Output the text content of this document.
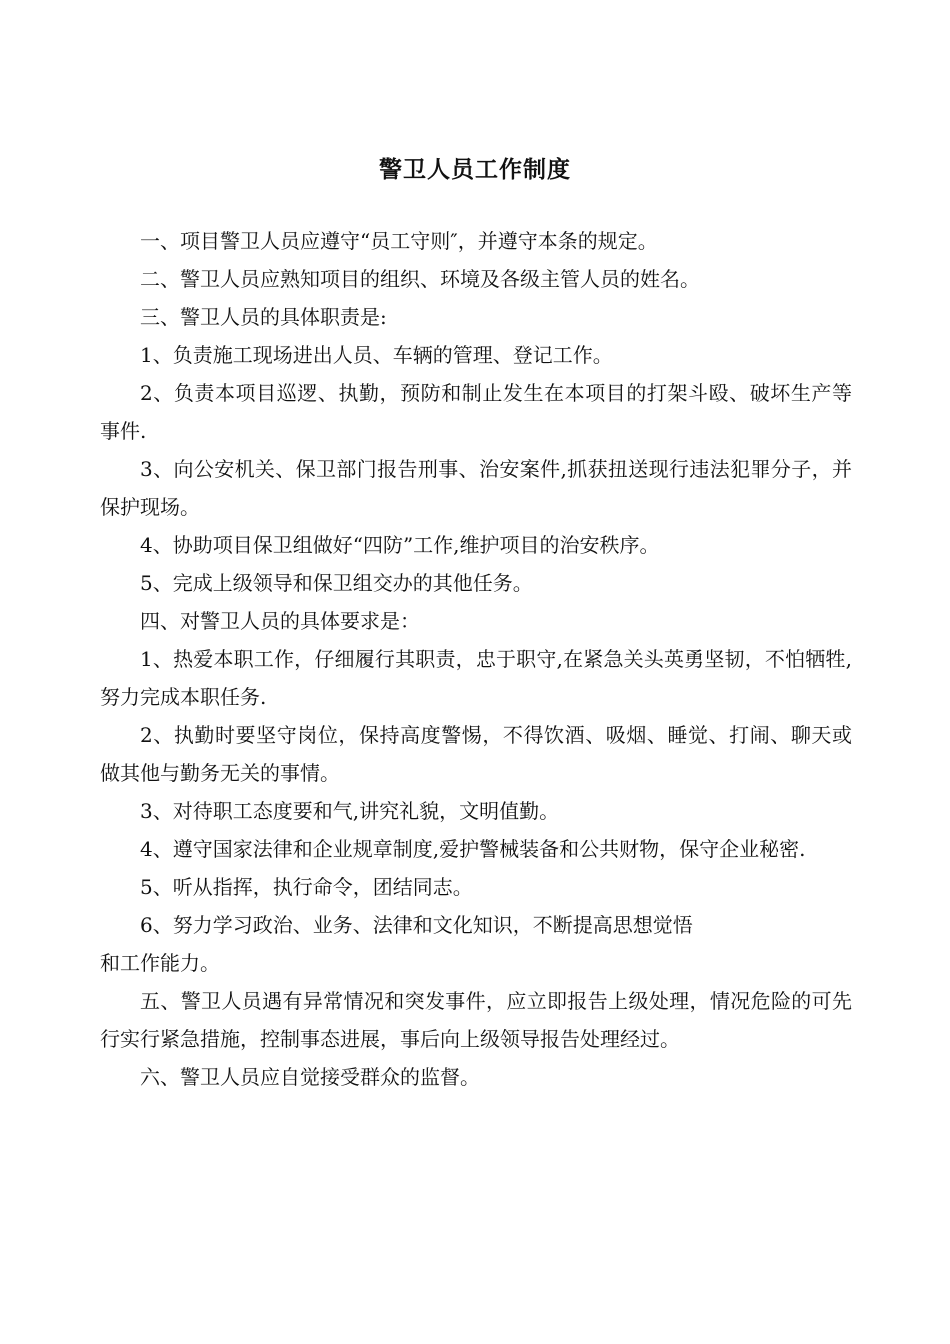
警卫人员工作制度

一、项目警卫人员应遵守“员工守则″，并遵守本条的规定。

二、警卫人员应熟知项目的组织、环境及各级主管人员的姓名。

三、警卫人员的具体职责是:

1、负责施工现场进出人员、车辆的管理、登记工作。

2、负责本项目巡逻、执勤，预防和制止发生在本项目的打架斗殴、破坏生产等事件.

3、向公安机关、保卫部门报告刑事、治安案件,抓获扭送现行违法犯罪分子，并保护现场。

4、协助项目保卫组做好“四防”工作,维护项目的治安秩序。

5、完成上级领导和保卫组交办的其他任务。

四、对警卫人员的具体要求是：

1、热爱本职工作，仔细履行其职责，忠于职守,在紧急关头英勇坚韧，不怕牺牲,努力完成本职任务.

2、执勤时要坚守岗位，保持高度警惕，不得饮酒、吸烟、睡觉、打闹、聊天或做其他与勤务无关的事情。

3、对待职工态度要和气,讲究礼貌，文明值勤。

4、遵守国家法律和企业规章制度,爱护警械装备和公共财物，保守企业秘密.

5、听从指挥，执行命令，团结同志。

6、努力学习政治、业务、法律和文化知识，不断提高思想觉悟

和工作能力。

五、警卫人员遇有异常情况和突发事件，应立即报告上级处理，情况危险的可先行实行紧急措施，控制事态进展，事后向上级领导报告处理经过。

六、警卫人员应自觉接受群众的监督。
